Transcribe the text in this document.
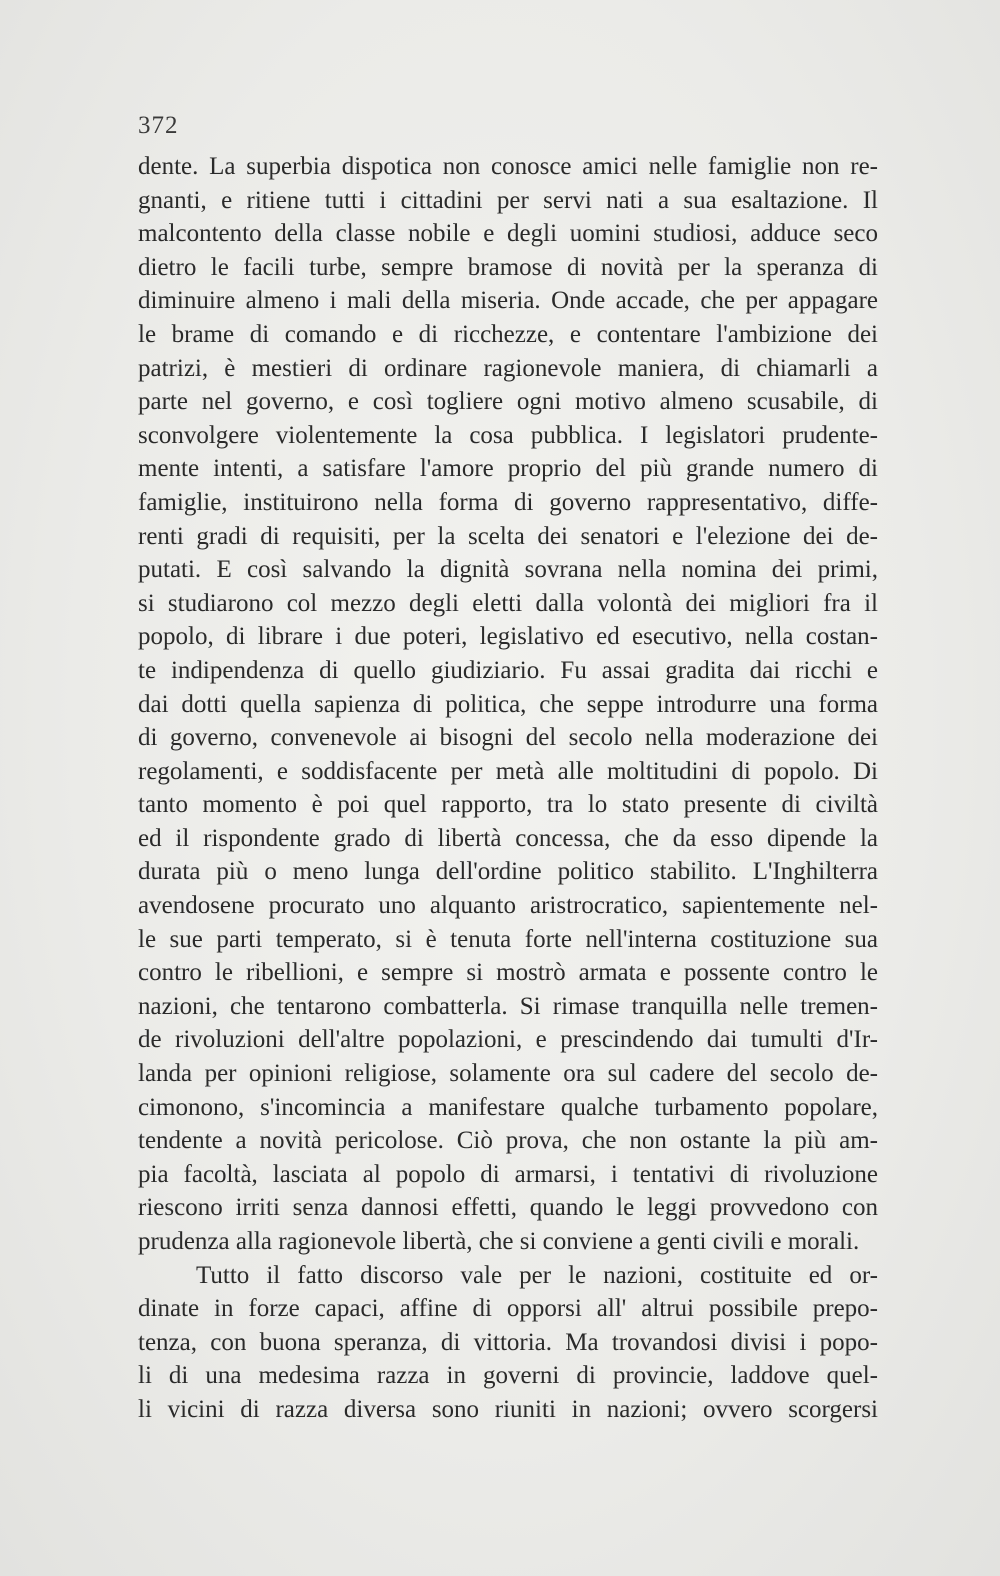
372
dente. La superbia dispotica non conosce amici nelle famiglie non re-
gnanti, e ritiene tutti i cittadini per servi nati a sua esaltazione. Il
malcontento della classe nobile e degli uomini studiosi, adduce seco
dietro le facili turbe, sempre bramose di novità per la speranza di
diminuire almeno i mali della miseria. Onde accade, che per appagare
le brame di comando e di ricchezze, e contentare l'ambizione dei
patrizi, è mestieri di ordinare ragionevole maniera, di chiamarli a
parte nel governo, e così togliere ogni motivo almeno scusabile, di
sconvolgere violentemente la cosa pubblica. I legislatori prudente-
mente intenti, a satisfare l'amore proprio del più grande numero di
famiglie, instituirono nella forma di governo rappresentativo, diffe-
renti gradi di requisiti, per la scelta dei senatori e l'elezione dei de-
putati. E così salvando la dignità sovrana nella nomina dei primi,
si studiarono col mezzo degli eletti dalla volontà dei migliori fra il
popolo, di librare i due poteri, legislativo ed esecutivo, nella costan-
te indipendenza di quello giudiziario. Fu assai gradita dai ricchi e
dai dotti quella sapienza di politica, che seppe introdurre una forma
di governo, convenevole ai bisogni del secolo nella moderazione dei
regolamenti, e soddisfacente per metà alle moltitudini di popolo. Di
tanto momento è poi quel rapporto, tra lo stato presente di civiltà
ed il rispondente grado di libertà concessa, che da esso dipende la
durata più o meno lunga dell'ordine politico stabilito. L'Inghilterra
avendosene procurato uno alquanto aristrocratico, sapientemente nel-
le sue parti temperato, si è tenuta forte nell'interna costituzione sua
contro le ribellioni, e sempre si mostrò armata e possente contro le
nazioni, che tentarono combatterla. Si rimase tranquilla nelle tremen-
de rivoluzioni dell'altre popolazioni, e prescindendo dai tumulti d'Ir-
landa per opinioni religiose, solamente ora sul cadere del secolo de-
cimonono, s'incomincia a manifestare qualche turbamento popolare,
tendente a novità pericolose. Ciò prova, che non ostante la più am-
pia facoltà, lasciata al popolo di armarsi, i tentativi di rivoluzione
riescono irriti senza dannosi effetti, quando le leggi provvedono con
prudenza alla ragionevole libertà, che si conviene a genti civili e morali.
Tutto il fatto discorso vale per le nazioni, costituite ed or-
dinate in forze capaci, affine di opporsi all' altrui possibile prepo-
tenza, con buona speranza, di vittoria. Ma trovandosi divisi i popo-
li di una medesima razza in governi di provincie, laddove quel-
li vicini di razza diversa sono riuniti in nazioni; ovvero scorgersi
